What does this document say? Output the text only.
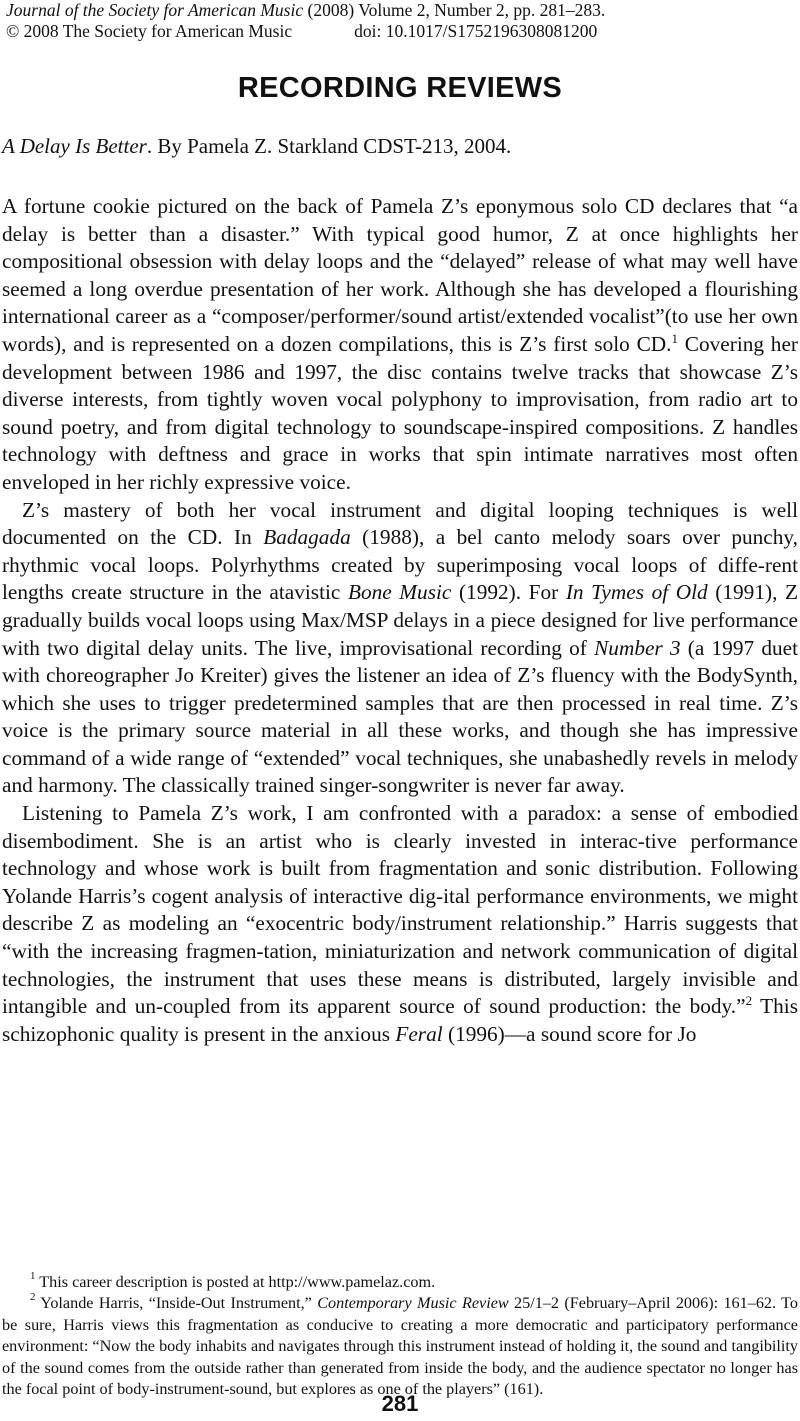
Journal of the Society for American Music (2008) Volume 2, Number 2, pp. 281–283.
© 2008 The Society for American Music	doi: 10.1017/S1752196308081200
RECORDING REVIEWS
A Delay Is Better. By Pamela Z. Starkland CDST-213, 2004.

A fortune cookie pictured on the back of Pamela Z’s eponymous solo CD declares that “a delay is better than a disaster.” With typical good humor, Z at once highlights her compositional obsession with delay loops and the “delayed” release of what may well have seemed a long overdue presentation of her work. Although she has developed a flourishing international career as a “composer/performer/sound artist/extended vocalist”(to use her own words), and is represented on a dozen compilations, this is Z’s first solo CD.$^1$ Covering her development between 1986 and 1997, the disc contains twelve tracks that showcase Z’s diverse interests, from tightly woven vocal polyphony to improvisation, from radio art to sound poetry, and from digital technology to soundscape-inspired compositions. Z handles technology with deftness and grace in works that spin intimate narratives most often enveloped in her richly expressive voice.

Z’s mastery of both her vocal instrument and digital looping techniques is well documented on the CD. In Badagada (1988), a bel canto melody soars over punchy, rhythmic vocal loops. Polyrhythms created by superimposing vocal loops of diffe-rent lengths create structure in the atavistic Bone Music (1992). For In Tymes of Old (1991), Z gradually builds vocal loops using Max/MSP delays in a piece designed for live performance with two digital delay units. The live, improvisational recording of Number 3 (a 1997 duet with choreographer Jo Kreiter) gives the listener an idea of Z’s fluency with the BodySynth, which she uses to trigger predetermined samples that are then processed in real time. Z’s voice is the primary source material in all these works, and though she has impressive command of a wide range of “extended” vocal techniques, she unabashedly revels in melody and harmony. The classically trained singer-songwriter is never far away.

Listening to Pamela Z’s work, I am confronted with a paradox: a sense of embodied disembodiment. She is an artist who is clearly invested in interac-tive performance technology and whose work is built from fragmentation and sonic distribution. Following Yolande Harris’s cogent analysis of interactive dig-ital performance environments, we might describe Z as modeling an “exocentric body/instrument relationship.” Harris suggests that “with the increasing fragmen-tation, miniaturization and network communication of digital technologies, the instrument that uses these means is distributed, largely invisible and intangible and un-coupled from its apparent source of sound production: the body.”$^2$ This schizophonic quality is present in the anxious Feral (1996)—a sound score for Jo

$^1$ This career description is posted at http://www.pamelaz.com.

$^2$ Yolande Harris, “Inside-Out Instrument,” Contemporary Music Review 25/1–2 (February–April 2006): 161–62. To be sure, Harris views this fragmentation as conducive to creating a more democratic and participatory performance environment: “Now the body inhabits and navigates through this instrument instead of holding it, the sound and tangibility of the sound comes from the outside rather than generated from inside the body, and the audience spectator no longer has the focal point of body-instrument-sound, but explores as one of the players” (161).

281
